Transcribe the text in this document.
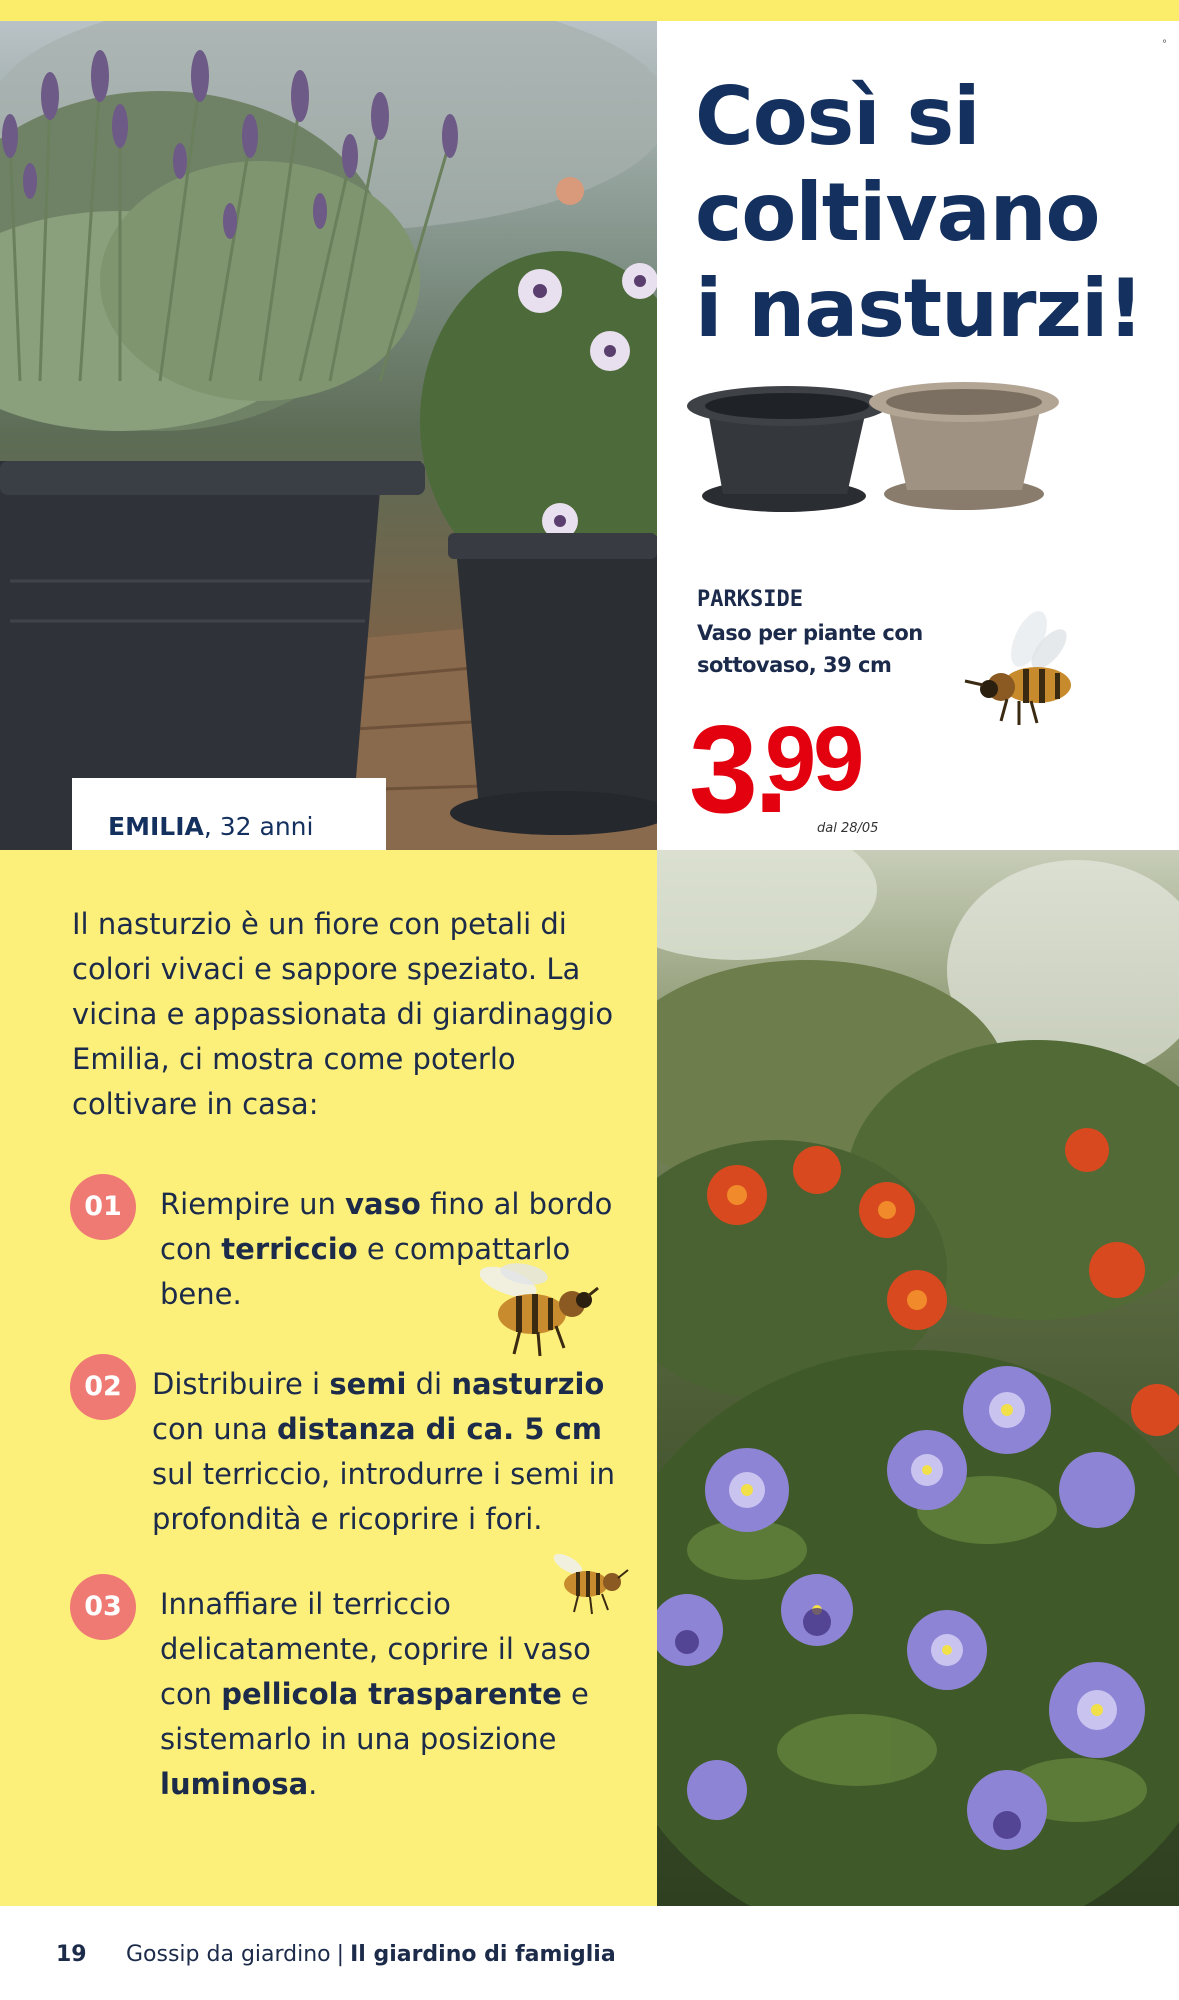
°
Così si
coltivano
i nasturzi!
PARKSIDE
Vaso per piante con
sottovaso, 39 cm
3.
99
dal 28/05
EMILIA, 32 anni

Il nasturzio è un fiore con petali di colori vivaci e sappore speziato. La vicina e appassionata di giardinaggio Emilia, ci mostra come poterlo coltivare in casa:

01	Riempire un vaso fino al bordo con terriccio e compattarlo bene.

02	Distribuire i semi di nasturzio con una distanza di ca. 5 cm sul terriccio, introdurre i semi in profondità e ricoprire i fori.

03	Innaffiare il terriccio delicatamente, coprire il vaso con pellicola trasparente e sistemarlo in una posizione luminosa.

19 Gossip da giardino | Il giardino di famiglia
